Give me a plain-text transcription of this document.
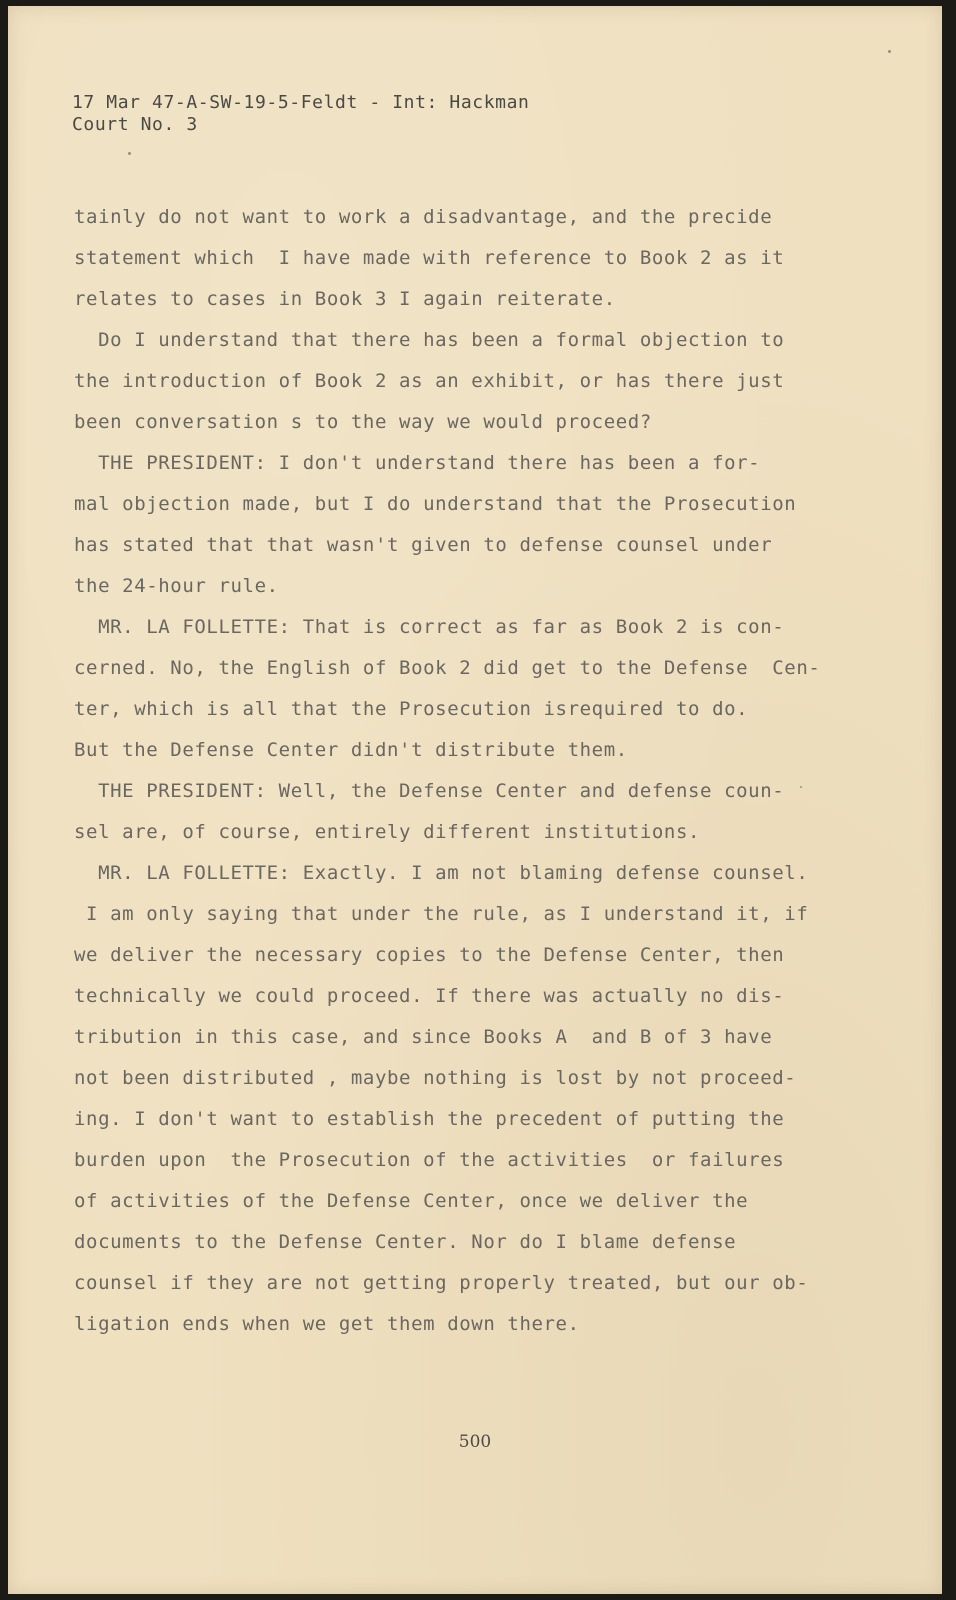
17 Mar 47-A-SW-19-5-Feldt - Int: Hackman
Court No. 3
tainly do not want to work a disadvantage, and the precide
statement which  I have made with reference to Book 2 as it
relates to cases in Book 3 I again reiterate.
Do I understand that there has been a formal objection to
the introduction of Book 2 as an exhibit, or has there just
been conversation s to the way we would proceed?
THE PRESIDENT: I don't understand there has been a for-
mal objection made, but I do understand that the Prosecution
has stated that that wasn't given to defense counsel under
the 24-hour rule.
MR. LA FOLLETTE: That is correct as far as Book 2 is con-
cerned. No, the English of Book 2 did get to the Defense  Cen-
ter, which is all that the Prosecution isrequired to do.
But the Defense Center didn't distribute them.
THE PRESIDENT: Well, the Defense Center and defense coun-
sel are, of course, entirely different institutions.
MR. LA FOLLETTE: Exactly. I am not blaming defense counsel.
I am only saying that under the rule, as I understand it, if
we deliver the necessary copies to the Defense Center, then
technically we could proceed. If there was actually no dis-
tribution in this case, and since Books A  and B of 3 have
not been distributed , maybe nothing is lost by not proceed-
ing. I don't want to establish the precedent of putting the
burden upon  the Prosecution of the activities  or failures
of activities of the Defense Center, once we deliver the
documents to the Defense Center. Nor do I blame defense
counsel if they are not getting properly treated, but our ob-
ligation ends when we get them down there.
500
